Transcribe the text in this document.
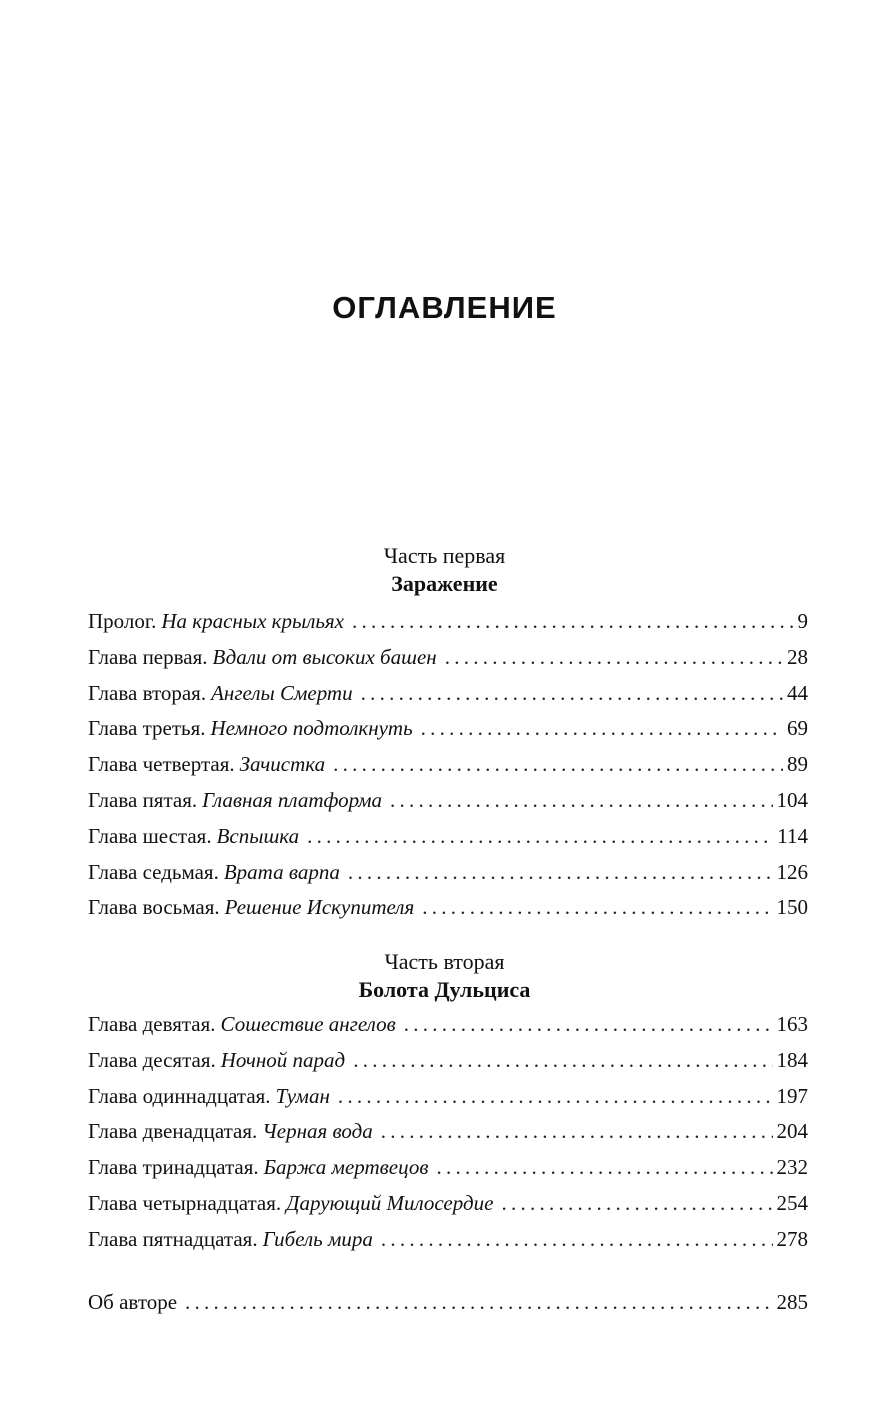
ОГЛАВЛЕНИЕ
Часть первая
Заражение
Пролог. На красных крыльях . . .	9
Глава первая. Вдали от высоких башен . . .	28
Глава вторая. Ангелы Смерти . . .	44
Глава третья. Немного подтолкнуть . . .	69
Глава четвертая. Зачистка . . .	89
Глава пятая. Главная платформа . . .	104
Глава шестая. Вспышка . . .	114
Глава седьмая. Врата варпа . . .	126
Глава восьмая. Решение Искупителя . . .	150
Часть вторая
Болота Дульциса
Глава девятая. Сошествие ангелов . . .	163
Глава десятая. Ночной парад . . .	184
Глава одиннадцатая. Туман . . .	197
Глава двенадцатая. Черная вода . . .	204
Глава тринадцатая. Баржа мертвецов . . .	232
Глава четырнадцатая. Дарующий Милосердие . . .	254
Глава пятнадцатая. Гибель мира . . .	278
Об авторе . . .	285
